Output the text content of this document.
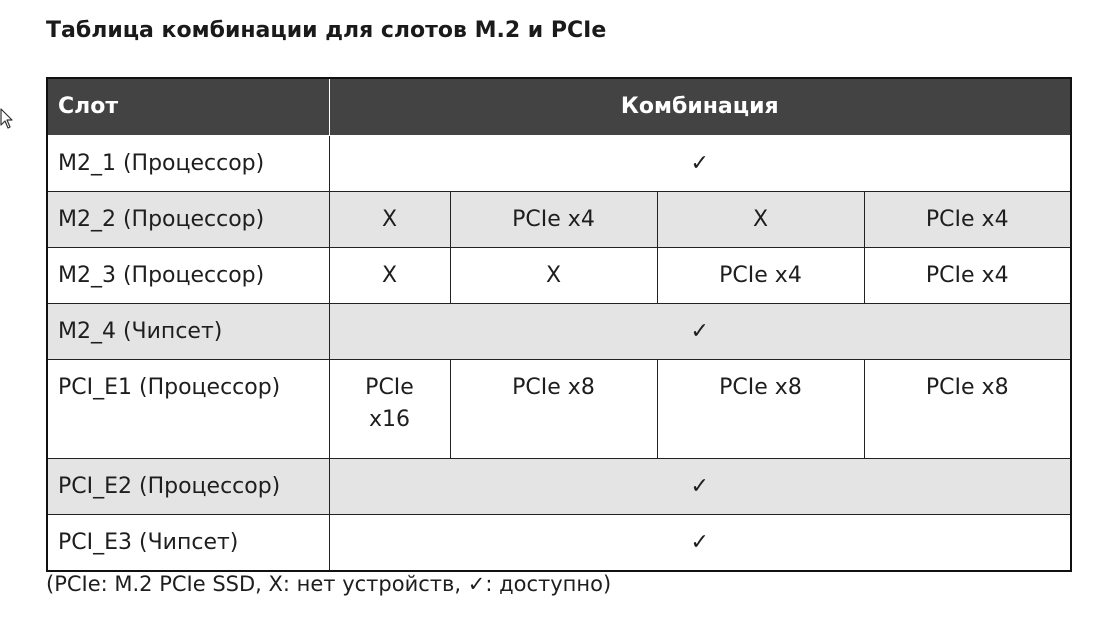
Таблица комбинации для слотов М.2 и PCIe
Слот	Комбинация			
M2_1 (Процессор)	✓			
M2_2 (Процессор)	X	PCIe x4	X	PCIe x4
M2_3 (Процессор)	X	X	PCIe x4	PCIe x4
M2_4 (Чипсет)	✓			
PCI_E1 (Процессор)	PCIe x16	PCIe x8	PCIe x8	PCIe x8
PCI_E2 (Процессор)	✓			
PCI_E3 (Чипсет)	✓			
(PCIe: M.2 PCIe SSD, X: нет устройств, ✓: доступно)
